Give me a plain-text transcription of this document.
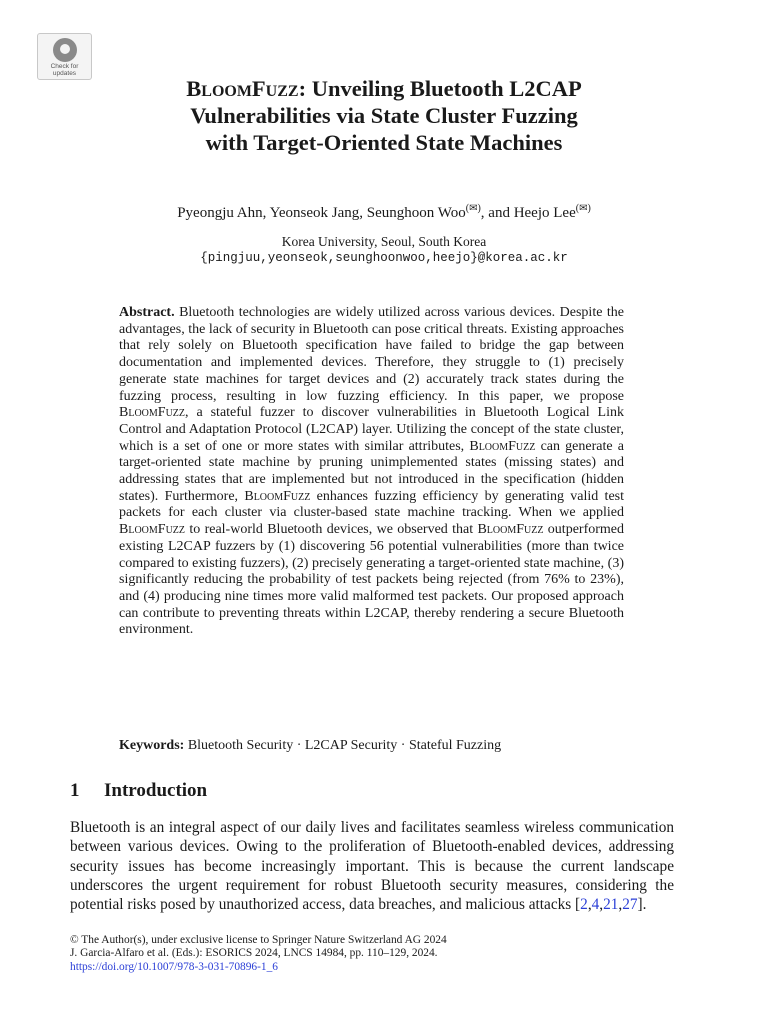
Check for
updates
BloomFuzz: Unveiling Bluetooth L2CAP
Vulnerabilities via State Cluster Fuzzing
with Target-Oriented State Machines
Pyeongju Ahn, Yeonseok Jang, Seunghoon Woo(✉), and Heejo Lee(✉)
Korea University, Seoul, South Korea
{pingjuu,yeonseok,seunghoonwoo,heejo}@korea.ac.kr

Abstract. Bluetooth technologies are widely utilized across various devices. Despite the advantages, the lack of security in Bluetooth can pose critical threats. Existing approaches that rely solely on Bluetooth specification have failed to bridge the gap between documentation and implemented devices. Therefore, they struggle to (1) precisely generate state machines for target devices and (2) accurately track states during the fuzzing process, resulting in low fuzzing efficiency. In this paper, we propose BloomFuzz, a stateful fuzzer to discover vulnerabilities in Bluetooth Logical Link Control and Adaptation Protocol (L2CAP) layer. Utilizing the concept of the state cluster, which is a set of one or more states with similar attributes, BloomFuzz can generate a target-oriented state machine by pruning unimplemented states (missing states) and addressing states that are implemented but not introduced in the specification (hidden states). Furthermore, BloomFuzz enhances fuzzing efficiency by generating valid test packets for each cluster via cluster-based state machine tracking. When we applied BloomFuzz to real-world Bluetooth devices, we observed that BloomFuzz outperformed existing L2CAP fuzzers by (1) discovering 56 potential vulnerabilities (more than twice compared to existing fuzzers), (2) precisely generating a target-oriented state machine, (3) significantly reducing the probability of test packets being rejected (from 76% to 23%), and (4) producing nine times more valid malformed test packets. Our proposed approach can contribute to preventing threats within L2CAP, thereby rendering a secure Bluetooth environment.

Keywords: Bluetooth Security · L2CAP Security · Stateful Fuzzing
1 Introduction

Bluetooth is an integral aspect of our daily lives and facilitates seamless wireless communication between various devices. Owing to the proliferation of Bluetooth-enabled devices, addressing security issues has become increasingly important. This is because the current landscape underscores the urgent requirement for robust Bluetooth security measures, considering the potential risks posed by unauthorized access, data breaches, and malicious attacks [2,4,21,27].

© The Author(s), under exclusive license to Springer Nature Switzerland AG 2024
J. Garcia-Alfaro et al. (Eds.): ESORICS 2024, LNCS 14984, pp. 110–129, 2024.
https://doi.org/10.1007/978-3-031-70896-1_6
